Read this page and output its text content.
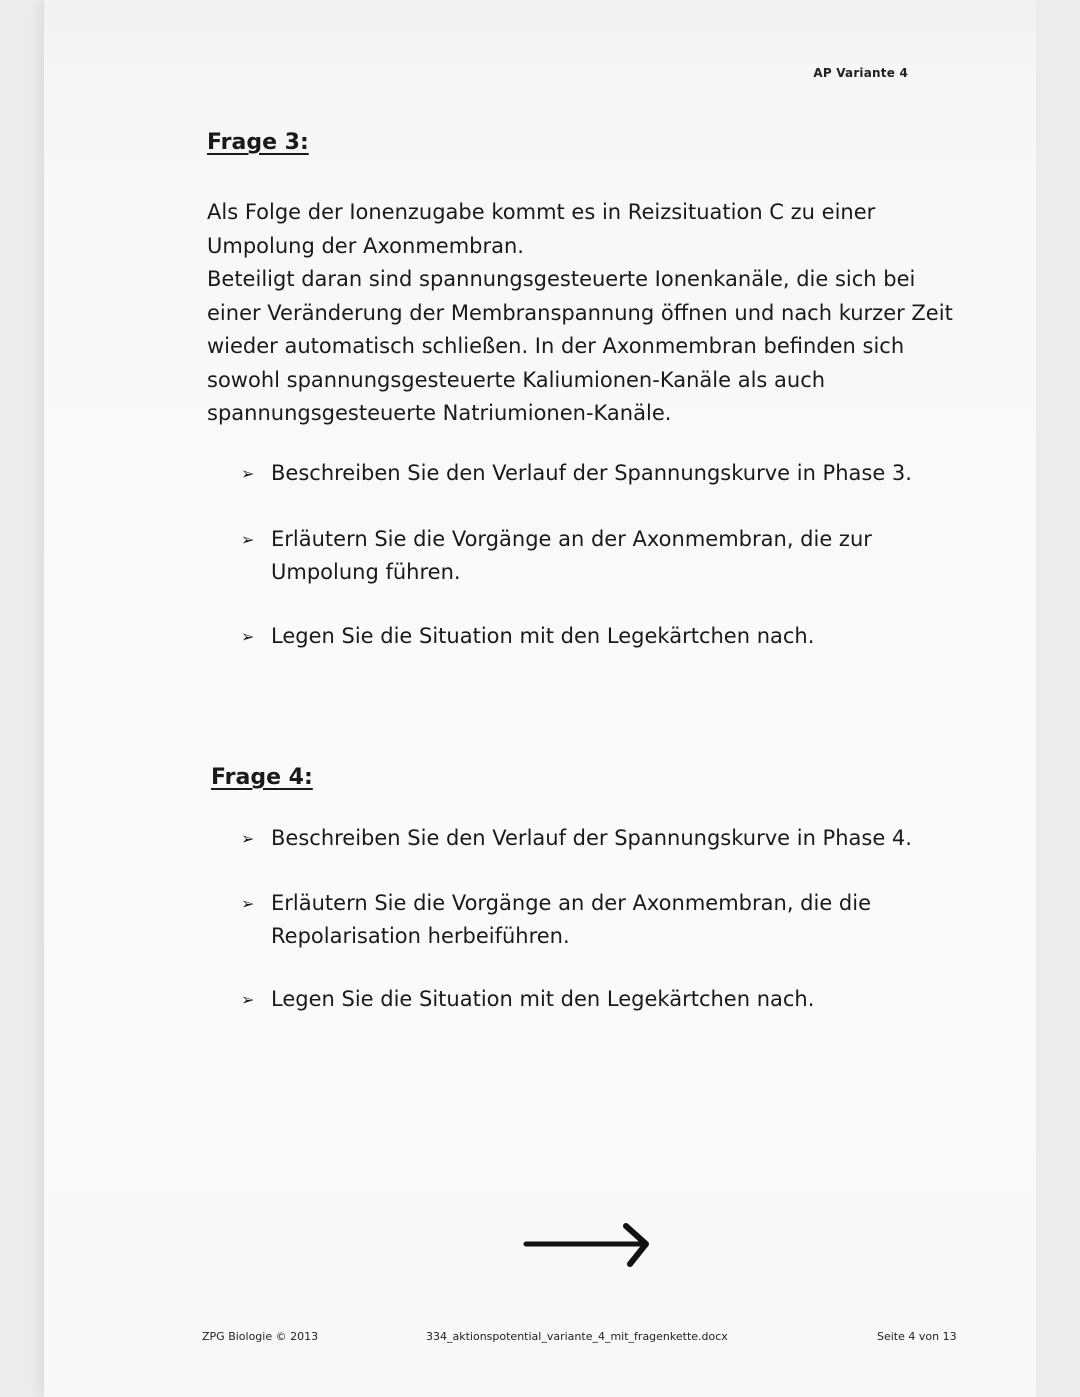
AP Variante 4
Frage 3:

Als Folge der Ionenzugabe kommt es in Reizsituation C zu einer Umpolung der Axonmembran.

Beteiligt daran sind spannungsgesteuerte Ionenkanäle, die sich bei einer Veränderung der Membranspannung öffnen und nach kurzer Zeit wieder automatisch schließen. In der Axonmembran befinden sich sowohl spannungsgesteuerte Kaliumionen-Kanäle als auch spannungsgesteuerte Natriumionen-Kanäle.

➢ Beschreiben Sie den Verlauf der Spannungskurve in Phase 3.
➢ Erläutern Sie die Vorgänge an der Axonmembran, die zur Umpolung führen.
➢ Legen Sie die Situation mit den Legekärtchen nach.
Frage 4:
➢ Beschreiben Sie den Verlauf der Spannungskurve in Phase 4.
➢ Erläutern Sie die Vorgänge an der Axonmembran, die die Repolarisation herbeiführen.
➢ Legen Sie die Situation mit den Legekärtchen nach.
ZPG Biologie © 2013	334_aktionspotential_variante_4_mit_fragenkette.docx	Seite 4 von 13
